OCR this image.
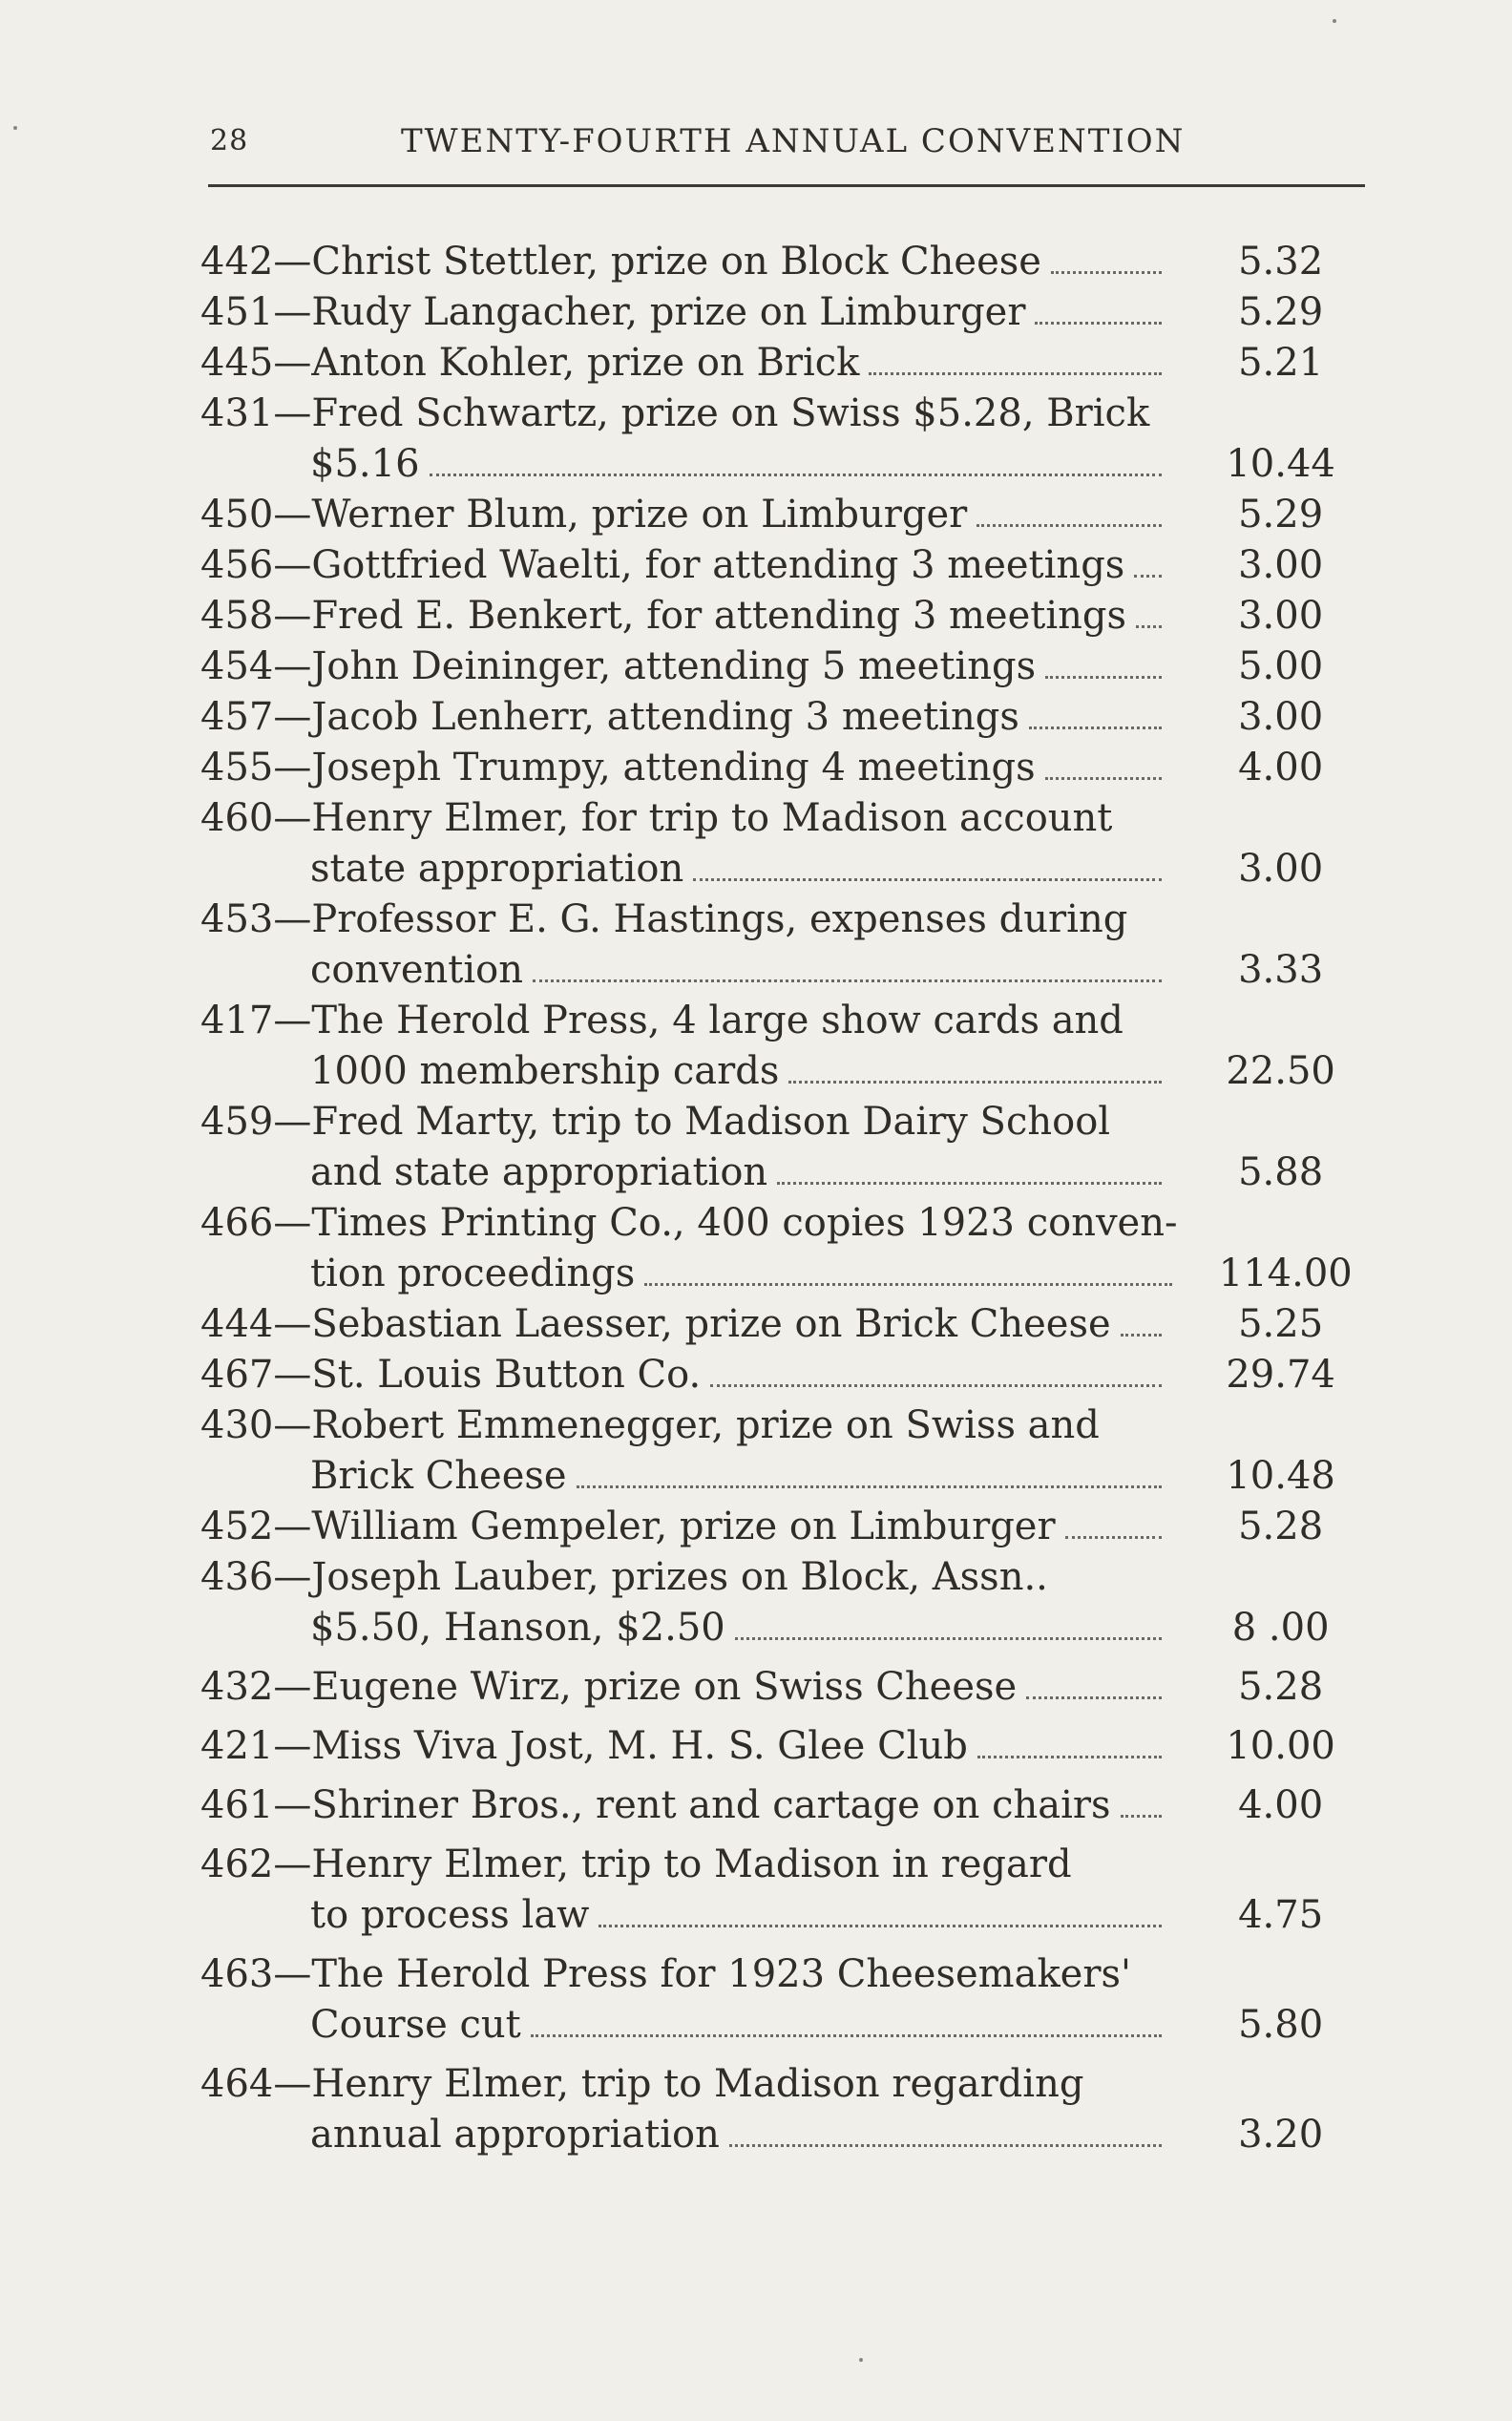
28	TWENTY-FOURTH ANNUAL CONVENTION
442—Christ Stettler, prize on Block Cheese	5.32
451—Rudy Langacher, prize on Limburger	5.29
445—Anton Kohler, prize on Brick	5.21
431—Fred Schwartz, prize on Swiss $5.28, Brick
$5.16	10.44
450—Werner Blum, prize on Limburger	5.29
456—Gottfried Waelti, for attending 3 meetings	3.00
458—Fred E. Benkert, for attending 3 meetings	3.00
454—John Deininger, attending 5 meetings	5.00
457—Jacob Lenherr, attending 3 meetings	3.00
455—Joseph Trumpy, attending 4 meetings	4.00
460—Henry Elmer, for trip to Madison account
state appropriation	3.00
453—Professor E. G. Hastings, expenses during
convention	3.33
417—The Herold Press, 4 large show cards and
1000 membership cards	22.50
459—Fred Marty, trip to Madison Dairy School
and state appropriation	5.88
466—Times Printing Co., 400 copies 1923 conven-
tion proceedings	114.00
444—Sebastian Laesser, prize on Brick Cheese	5.25
467—St. Louis Button Co.	29.74
430—Robert Emmenegger, prize on Swiss and
Brick Cheese	10.48
452—William Gempeler, prize on Limburger	5.28
436—Joseph Lauber, prizes on Block, Assn..
$5.50, Hanson, $2.50	8 .00
432—Eugene Wirz, prize on Swiss Cheese	5.28
421—Miss Viva Jost, M. H. S. Glee Club	10.00
461—Shriner Bros., rent and cartage on chairs	4.00
462—Henry Elmer, trip to Madison in regard
to process law	4.75
463—The Herold Press for 1923 Cheesemakers'
Course cut	5.80
464—Henry Elmer, trip to Madison regarding
annual appropriation	3.20
